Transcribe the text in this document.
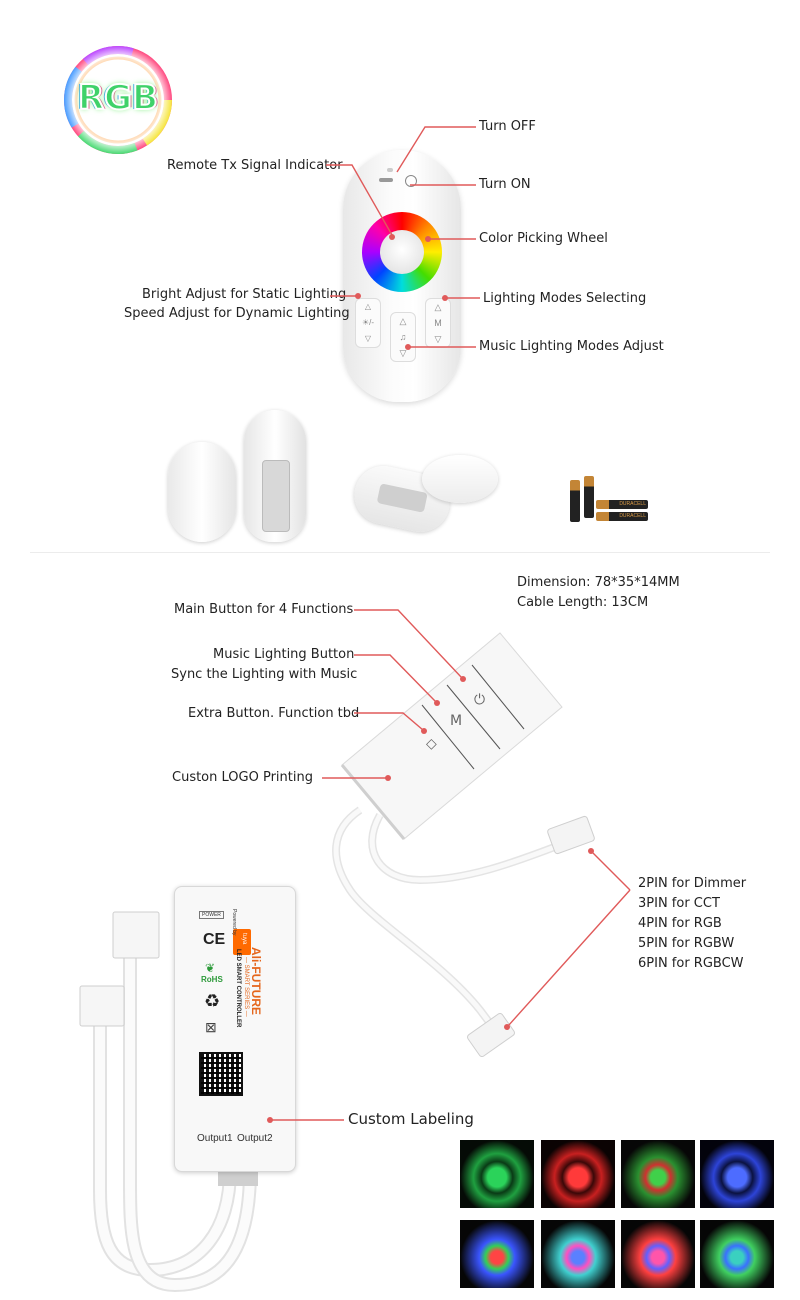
RGB
△
☀/-
▽
△
♫
▽
△
M
▽
Turn OFF
Turn ON
Remote Tx Signal Indicator
Color Picking Wheel
Bright Adjust for Static Lighting
Speed Adjust for Dynamic Lighting
Lighting Modes Selecting
Music Lighting Modes Adjust
DURACELL
DURACELL
Dimension: 78*35*14MM
Cable Length: 13CM
⏻
M
◇
Main Button for 4 Functions
Music Lighting Button
Sync the Lighting with Music
Extra Button. Function tbd
Custon LOGO Printing
2PIN for Dimmer
3PIN for CCT
4PIN for RGB
5PIN for RGBW
6PIN for RGBCW
POWER
CE
❦
RoHS
♻
⊠
tuya
Powered by
Ali-FUTURE
— SMART SERIES —
LED SMART CONTROLLER
Output1 Output2
Custom Labeling
